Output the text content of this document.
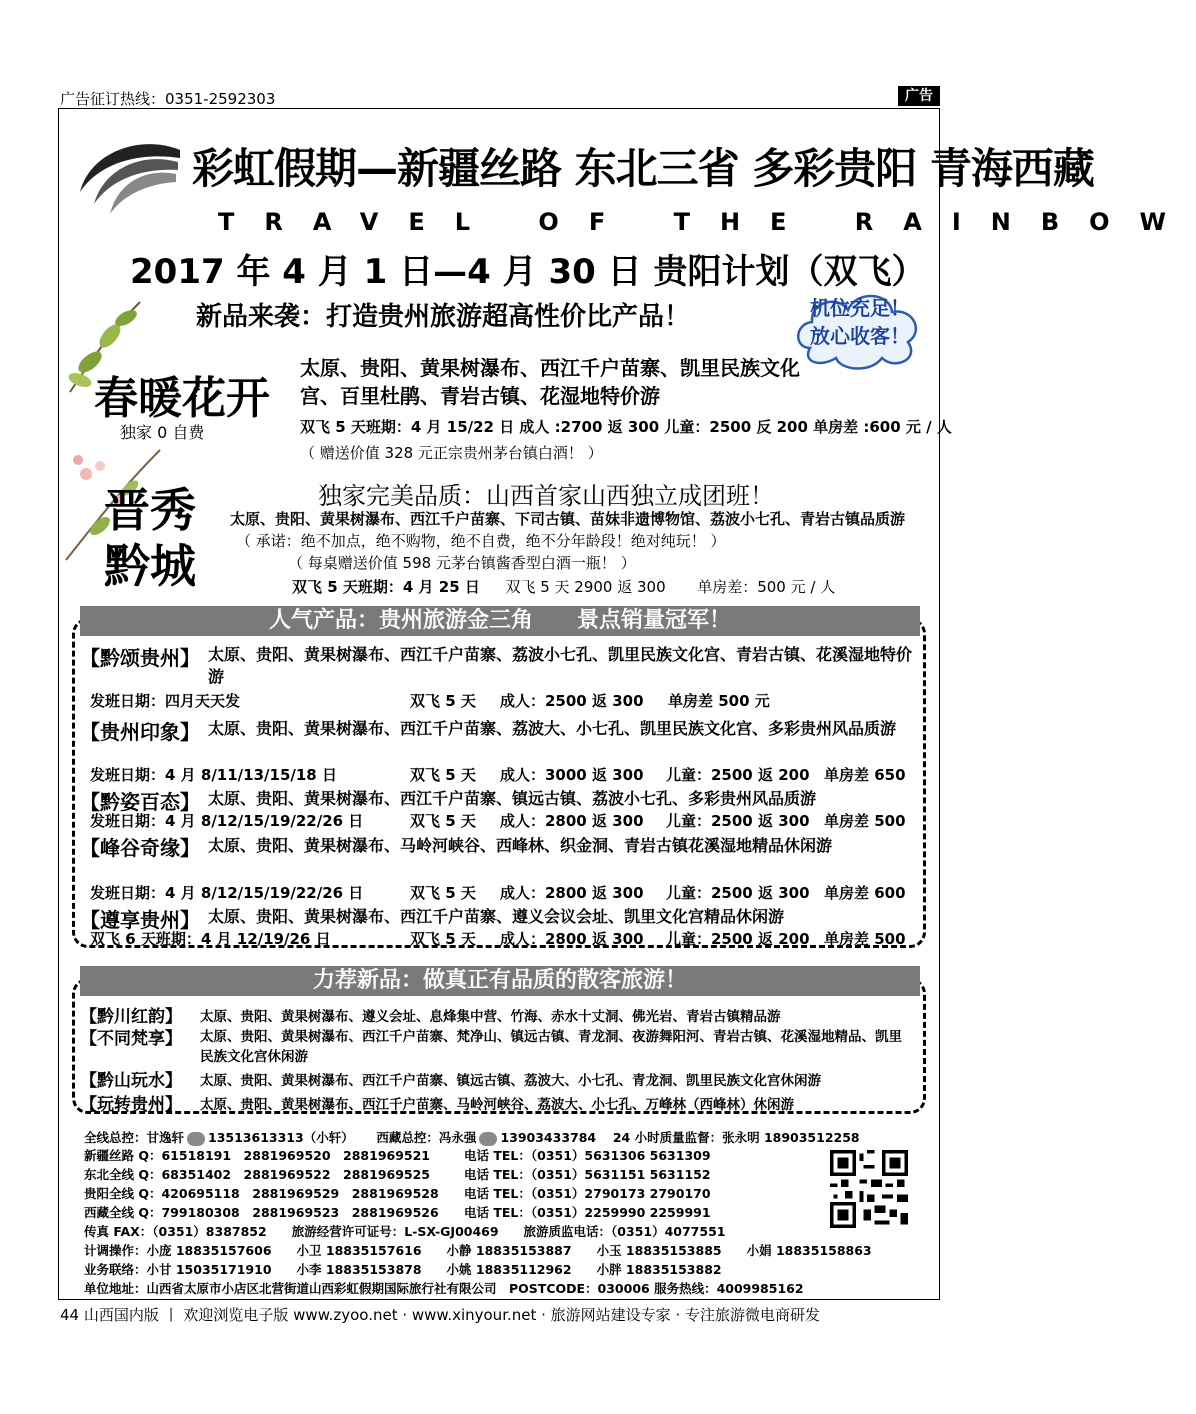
广告征订热线：0351-2592303	广告
彩虹假期—新疆丝路 东北三省 多彩贵阳 青海西藏
TRAVEL OF THE RAINBOW
2017 年 4 月 1 日—4 月 30 日 贵阳计划（双飞）
新品来袭：打造贵州旅游超高性价比产品！	机位充足！
放心收客！
春暖花开
独家 0 自费
太原、贵阳、黄果树瀑布、西江千户苗寨、凯里民族文化宫、百里杜鹃、青岩古镇、花湿地特价游
双飞 5 天班期：4 月 15/22 日 成人 :2700 返 300 儿童：2500 反 200 单房差 :600 元 / 人
（ 赠送价值 328 元正宗贵州茅台镇白酒！ ）
独家完美品质：山西首家山西独立成团班！
晋秀
黔城
太原、贵阳、黄果树瀑布、西江千户苗寨、下司古镇、苗妹非遗博物馆、荔波小七孔、青岩古镇品质游
（ 承诺：绝不加点，绝不购物，绝不自费，绝不分年龄段！绝对纯玩！ ）
（ 每桌赠送价值 598 元茅台镇酱香型白酒一瓶！ ）
双飞 5 天班期：4 月 25 日 双飞 5 天 2900 返 300 单房差：500 元 / 人
人气产品：贵州旅游金三角　　景点销量冠军！
【黔颂贵州】 太原、贵阳、黄果树瀑布、西江千户苗寨、荔波小七孔、凯里民族文化宫、青岩古镇、花溪湿地特价游
发班日期：四月天天发	双飞 5 天 成人：2500 返 300 单房差 500 元
【贵州印象】 太原、贵阳、黄果树瀑布、西江千户苗寨、荔波大、小七孔、凯里民族文化宫、多彩贵州风品质游
发班日期：4 月 8/11/13/15/18 日	双飞 5 天 成人：3000 返 300 儿童：2500 返 200 单房差 650
【黔姿百态】 太原、贵阳、黄果树瀑布、西江千户苗寨、镇远古镇、荔波小七孔、多彩贵州风品质游
发班日期：4 月 8/12/15/19/22/26 日	双飞 5 天 成人：2800 返 300 儿童：2500 返 300 单房差 500
【峰谷奇缘】 太原、贵阳、黄果树瀑布、马岭河峡谷、西峰林、织金洞、青岩古镇花溪湿地精品休闲游
发班日期：4 月 8/12/15/19/22/26 日	双飞 5 天 成人：2800 返 300 儿童：2500 返 300 单房差 600
【遵享贵州】 太原、贵阳、黄果树瀑布、西江千户苗寨、遵义会议会址、凯里文化宫精品休闲游
双飞 6 天班期：4 月 12/19/26 日	双飞 5 天 成人：2800 返 300 儿童：2500 返 200 单房差 500
力荐新品：做真正有品质的散客旅游！
【黔川红韵】 太原、贵阳、黄果树瀑布、遵义会址、息烽集中营、竹海、赤水十丈洞、佛光岩、青岩古镇精品游
【不同梵享】 太原、贵阳、黄果树瀑布、西江千户苗寨、梵净山、镇远古镇、青龙洞、夜游舞阳河、青岩古镇、花溪湿地精品、凯里民族文化宫休闲游
【黔山玩水】 太原、贵阳、黄果树瀑布、西江千户苗寨、镇远古镇、荔波大、小七孔、青龙洞、凯里民族文化宫休闲游
【玩转贵州】 太原、贵阳、黄果树瀑布、西江千户苗寨、马岭河峡谷、荔波大、小七孔、万峰林（西峰林）休闲游
全线总控：甘逸轩 13513613313（小轩） 西藏总控：冯永强 13903433784 24 小时质量监督：张永明 18903512258
新疆丝路 Q：61518191　2881969520　2881969521	电话 TEL：（0351）5631306 5631309
东北全线 Q：68351402　2881969522　2881969525	电话 TEL：（0351）5631151 5631152
贵阳全线 Q：420695118　2881969529　2881969528 电话 TEL：（0351）2790173 2790170
西藏全线 Q：799180308　2881969523　2881969526 电话 TEL：（0351）2259990 2259991
传真 FAX：（0351）8387852　　旅游经营许可证号：L-SX-GJ00469　　旅游质监电话：（0351）4077551
计调操作：小庞 18835157606　　小卫 18835157616　　小静 18835153887　　小玉 18835153885　　小娟 18835158863
业务联络：小甘 15035171910　　小李 18835153878　　小姚 18835112962　　小胖 18835153882
单位地址：山西省太原市小店区北营街道山西彩虹假期国际旅行社有限公司　POSTCODE：030006 服务热线：4009985162
44 山西国内版 丨 欢迎浏览电子版 www.zyoo.net · www.xinyour.net · 旅游网站建设专家 · 专注旅游微电商研发
